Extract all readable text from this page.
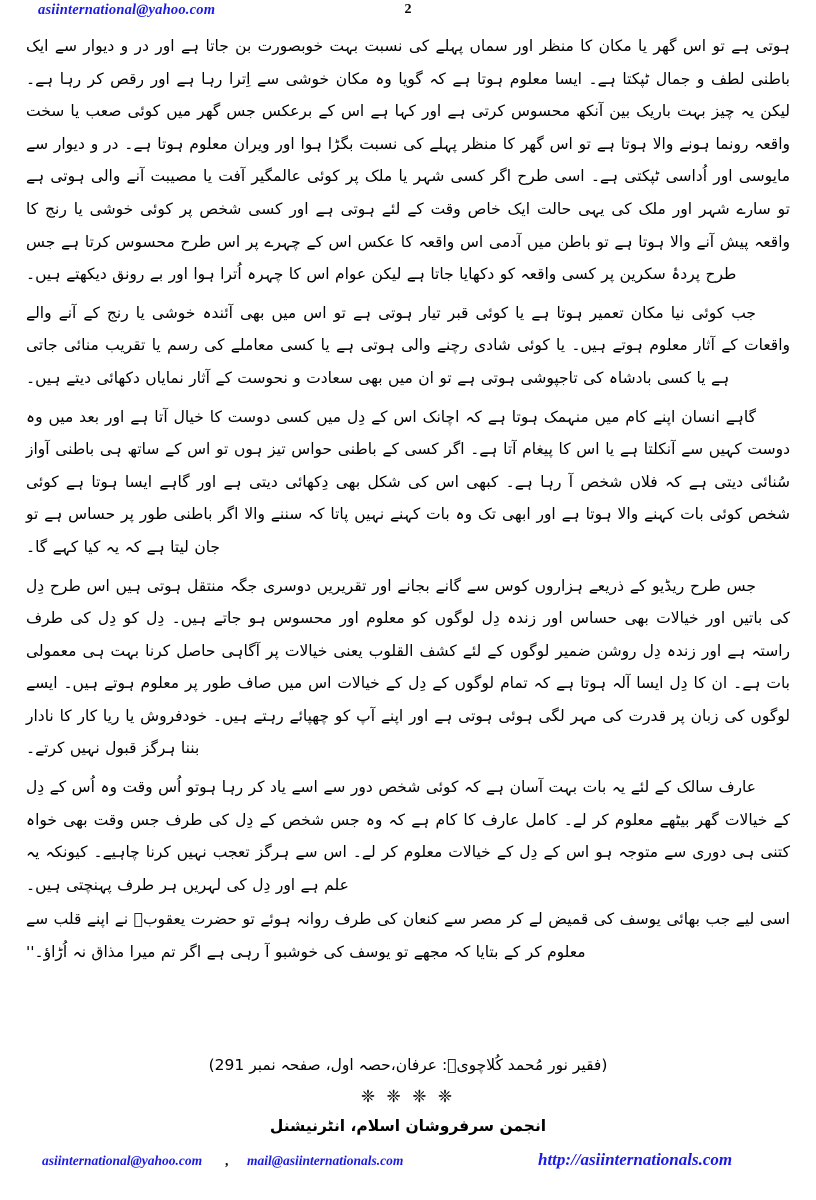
asiinternational@yahoo.com	2

ہوتی ہے تو اس گھر یا مکان کا منظر اور سماں پہلے کی نسبت بہت خوبصورت بن جاتا ہے اور در و دیوار سے ایک باطنی لطف و جمال ٹپکتا ہے۔ ایسا معلوم ہوتا ہے کہ گویا وہ مکان خوشی سے اِترا رہا ہے اور رقص کر رہا ہے۔ لیکن یہ چیز بہت باریک بین آنکھ محسوس کرتی ہے اور کہا ہے اس کے برعکس جس گھر میں کوئی صعب یا سخت واقعہ رونما ہونے والا ہوتا ہے تو اس گھر کا منظر پہلے کی نسبت بگڑا ہوا اور ویران معلوم ہوتا ہے۔ در و دیوار سے مایوسی اور اُداسی ٹپکتی ہے۔ اسی طرح اگر کسی شہر یا ملک پر کوئی عالمگیر آفت یا مصیبت آنے والی ہوتی ہے تو سارے شہر اور ملک کی یہی حالت ایک خاص وقت کے لئے ہوتی ہے اور کسی شخص پر کوئی خوشی یا رنج کا واقعہ پیش آنے والا ہوتا ہے تو باطن میں آدمی اس واقعہ کا عکس اس کے چہرے پر اس طرح محسوس کرتا ہے جس طرح پردۂ سکرین پر کسی واقعہ کو دکھایا جاتا ہے لیکن عوام اس کا چہرہ اُترا ہوا اور بے رونق دیکھتے ہیں۔

جب کوئی نیا مکان تعمیر ہوتا ہے یا کوئی قبر تیار ہوتی ہے تو اس میں بھی آئندہ خوشی یا رنج کے آنے والے واقعات کے آثار معلوم ہوتے ہیں۔ یا کوئی شادی رچنے والی ہوتی ہے یا کسی معاملے کی رسم یا تقریب منائی جاتی ہے یا کسی بادشاہ کی تاجپوشی ہوتی ہے تو ان میں بھی سعادت و نحوست کے آثار نمایاں دکھائی دیتے ہیں۔

گاہے انسان اپنے کام میں منہمک ہوتا ہے کہ اچانک اس کے دِل میں کسی دوست کا خیال آتا ہے اور بعد میں وہ دوست کہیں سے آنکلتا ہے یا اس کا پیغام آتا ہے۔ اگر کسی کے باطنی حواس تیز ہوں تو اس کے ساتھ ہی باطنی آواز سُنائی دیتی ہے کہ فلاں شخص آ رہا ہے۔ کبھی اس کی شکل بھی دِکھائی دیتی ہے اور گاہے ایسا ہوتا ہے کوئی شخص کوئی بات کہنے والا ہوتا ہے اور ابھی تک وہ بات کہنے نہیں پاتا کہ سننے والا اگر باطنی طور پر حساس ہے تو جان لیتا ہے کہ یہ کیا کہے گا۔

جس طرح ریڈیو کے ذریعے ہزاروں کوس سے گانے بجانے اور تقریریں دوسری جگہ منتقل ہوتی ہیں اس طرح دِل کی باتیں اور خیالات بھی حساس اور زندہ دِل لوگوں کو معلوم اور محسوس ہو جاتے ہیں۔ دِل کو دِل کی طرف راستہ ہے اور زندہ دِل روشن ضمیر لوگوں کے لئے کشف القلوب یعنی خیالات پر آگاہی حاصل کرنا بہت ہی معمولی بات ہے۔ ان کا دِل ایسا آلہ ہوتا ہے کہ تمام لوگوں کے دِل کے خیالات اس میں صاف طور پر معلوم ہوتے ہیں۔ ایسے لوگوں کی زبان پر قدرت کی مہر لگی ہوئی ہوتی ہے اور اپنے آپ کو چھپائے رہتے ہیں۔ خودفروش یا ریا کار کا نادار بننا ہرگز قبول نہیں کرتے۔

عارف سالک کے لئے یہ بات بہت آسان ہے کہ کوئی شخص دور سے اسے یاد کر رہا ہوتو اُس وقت وہ اُس کے دِل کے خیالات گھر بیٹھے معلوم کر لے۔ کامل عارف کا کام ہے کہ وہ جس شخص کے دِل کی طرف جس وقت بھی خواہ کتنی ہی دوری سے متوجہ ہو اس کے دِل کے خیالات معلوم کر لے۔ اس سے ہرگز تعجب نہیں کرنا چاہیے۔ کیونکہ یہ علم ہے اور دِل کی لہریں ہر طرف پہنچتی ہیں۔

اسی لیے جب بھائی یوسف کی قمیض لے کر مصر سے کنعان کی طرف روانہ ہوئے تو حضرت یعقوبؑ نے اپنے قلب سے معلوم کر کے بتایا کہ مجھے تو یوسف کی خوشبو آ رہی ہے اگر تم میرا مذاق نہ اُڑاؤ۔''

(فقیر نور مُحمد کُلاچویؒ: عرفان،حصہ اول، صفحہ نمبر 291)
❈ ❈ ❈ ❈
انجمن سرفروشان اسلام، انٹرنیشنل
asiinternational@yahoo.com , mail@asiinternationals.com	http://asiinternationals.com
